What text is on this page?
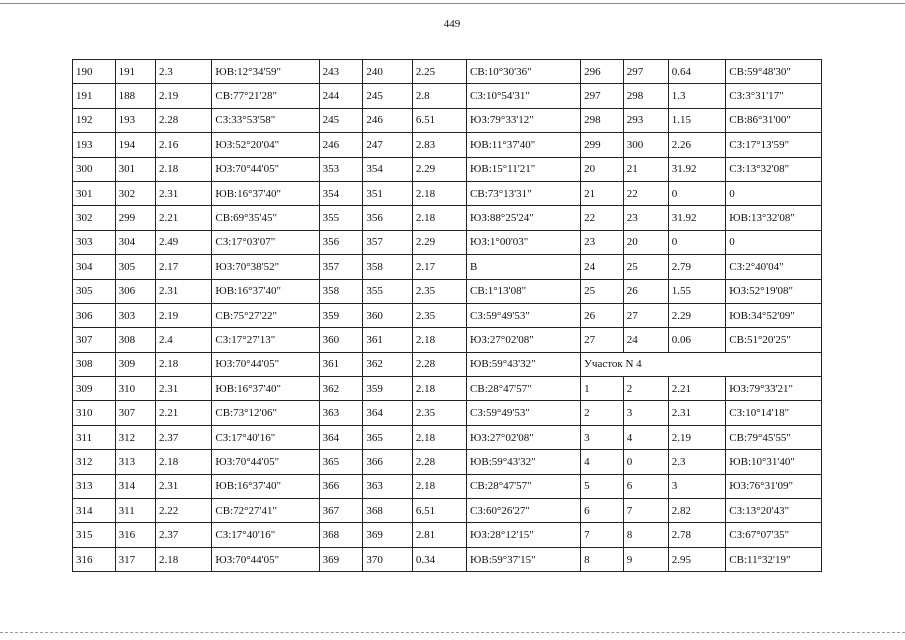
449
190	191	2.3	ЮВ:12°34'59"	243	240	2.25	СВ:10°30'36"	296	297	0.64	СВ:59°48'30"
191	188	2.19	СВ:77°21'28"	244	245	2.8	СЗ:10°54'31"	297	298	1.3	СЗ:3°31'17"
192	193	2.28	СЗ:33°53'58"	245	246	6.51	ЮЗ:79°33'12"	298	293	1.15	СВ:86°31'00"
193	194	2.16	ЮЗ:52°20'04"	246	247	2.83	ЮВ:11°37'40"	299	300	2.26	СЗ:17°13'59"
300	301	2.18	ЮЗ:70°44'05"	353	354	2.29	ЮВ:15°11'21"	20	21	31.92	СЗ:13°32'08"
301	302	2.31	ЮВ:16°37'40"	354	351	2.18	СВ:73°13'31"	21	22	0	0
302	299	2.21	СВ:69°35'45"	355	356	2.18	ЮЗ:88°25'24"	22	23	31.92	ЮВ:13°32'08"
303	304	2.49	СЗ:17°03'07"	356	357	2.29	ЮЗ:1°00'03"	23	20	0	0
304	305	2.17	ЮЗ:70°38'52"	357	358	2.17	В	24	25	2.79	СЗ:2°40'04"
305	306	2.31	ЮВ:16°37'40"	358	355	2.35	СВ:1°13'08"	25	26	1.55	ЮЗ:52°19'08"
306	303	2.19	СВ:75°27'22"	359	360	2.35	СЗ:59°49'53"	26	27	2.29	ЮВ:34°52'09"
307	308	2.4	СЗ:17°27'13"	360	361	2.18	ЮЗ:27°02'08"	27	24	0.06	СВ:51°20'25"
308	309	2.18	ЮЗ:70°44'05"	361	362	2.28	ЮВ:59°43'32"	Участок N 4			
309	310	2.31	ЮВ:16°37'40"	362	359	2.18	СВ:28°47'57"	1	2	2.21	ЮЗ:79°33'21"
310	307	2.21	СВ:73°12'06"	363	364	2.35	СЗ:59°49'53"	2	3	2.31	СЗ:10°14'18"
311	312	2.37	СЗ:17°40'16"	364	365	2.18	ЮЗ:27°02'08"	3	4	2.19	СВ:79°45'55"
312	313	2.18	ЮЗ:70°44'05"	365	366	2.28	ЮВ:59°43'32"	4	0	2.3	ЮВ:10°31'40"
313	314	2.31	ЮВ:16°37'40"	366	363	2.18	СВ:28°47'57"	5	6	3	ЮЗ:76°31'09"
314	311	2.22	СВ:72°27'41"	367	368	6.51	СЗ:60°26'27"	6	7	2.82	СЗ:13°20'43"
315	316	2.37	СЗ:17°40'16"	368	369	2.81	ЮЗ:28°12'15"	7	8	2.78	СЗ:67°07'35"
316	317	2.18	ЮЗ:70°44'05"	369	370	0.34	ЮВ:59°37'15"	8	9	2.95	СВ:11°32'19"
